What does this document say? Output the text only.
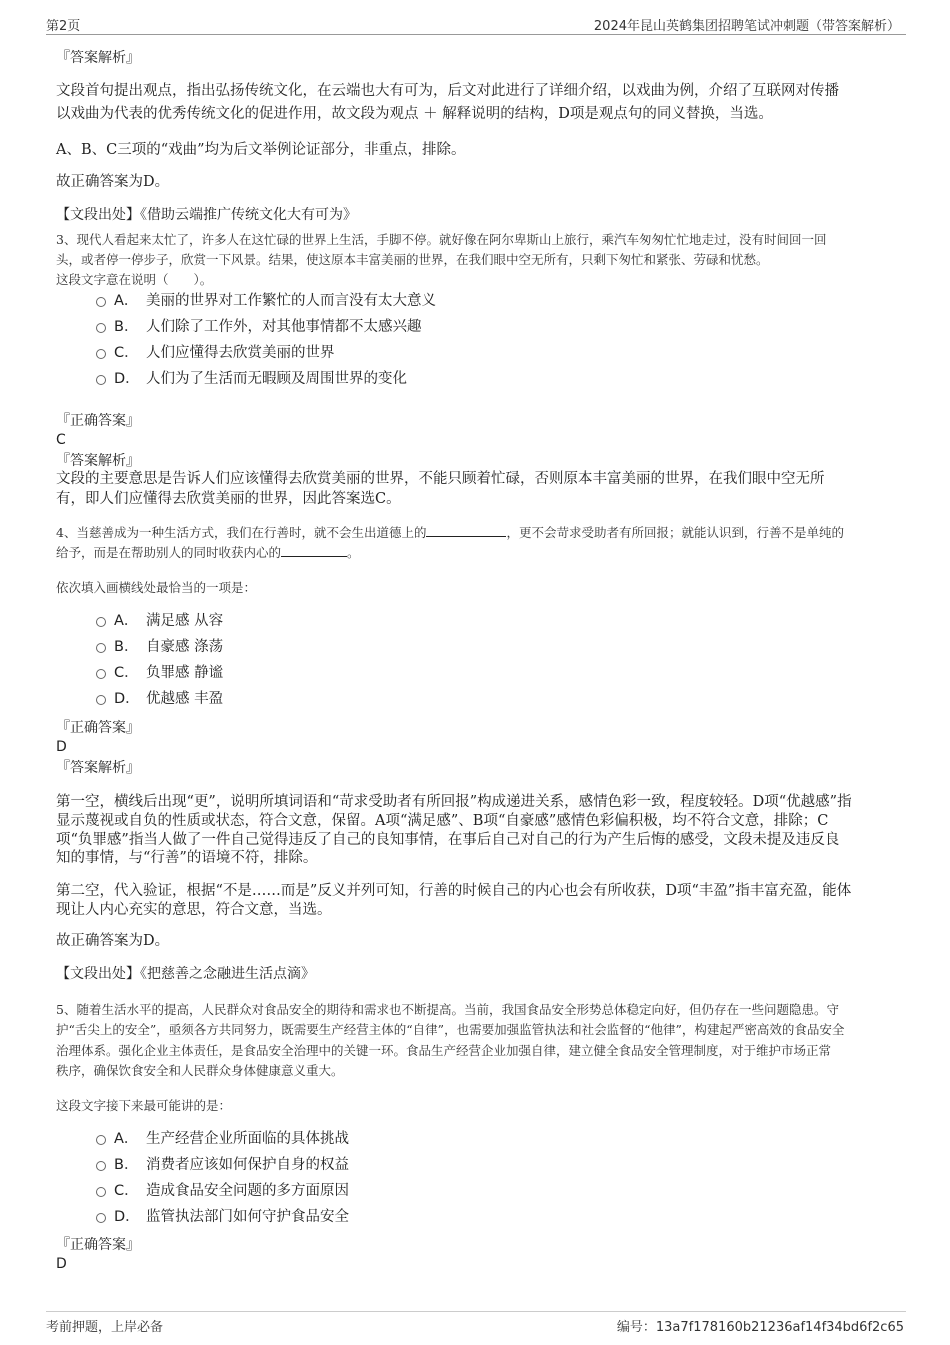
第2页	2024年昆山英鹤集团招聘笔试冲刺题（带答案解析）
『答案解析』
文段首句提出观点，指出弘扬传统文化，在云端也大有可为，后文对此进行了详细介绍，以戏曲为例，介绍了互联网对传播
以戏曲为代表的优秀传统文化的促进作用，故文段为观点 ＋ 解释说明的结构，D项是观点句的同义替换，当选。
A、B、C三项的“戏曲”均为后文举例论证部分，非重点，排除。
故正确答案为D。
【文段出处】《借助云端推广传统文化大有可为》
3、现代人看起来太忙了，许多人在这忙碌的世界上生活，手脚不停。就好像在阿尔卑斯山上旅行，乘汽车匆匆忙忙地走过，没有时间回一回
头，或者停一停步子，欣赏一下风景。结果，使这原本丰富美丽的世界，在我们眼中空无所有，只剩下匆忙和紧张、劳碌和忧愁。
这段文字意在说明（　　）。
A． 美丽的世界对工作繁忙的人而言没有太大意义
B． 人们除了工作外，对其他事情都不太感兴趣
C． 人们应懂得去欣赏美丽的世界
D． 人们为了生活而无暇顾及周围世界的变化
『正确答案』
C
『答案解析』
文段的主要意思是告诉人们应该懂得去欣赏美丽的世界，不能只顾着忙碌，否则原本丰富美丽的世界，在我们眼中空无所
有，即人们应懂得去欣赏美丽的世界，因此答案选C。
4、当慈善成为一种生活方式，我们在行善时，就不会生出道德上的	，更不会苛求受助者有所回报；就能认识到，行善不是单纯的
给予，而是在帮助别人的同时收获内心的	。
依次填入画横线处最恰当的一项是：
A． 满足感 从容
B． 自豪感 涤荡
C． 负罪感 静谧
D． 优越感 丰盈
『正确答案』
D
『答案解析』
第一空，横线后出现“更”，说明所填词语和“苛求受助者有所回报”构成递进关系，感情色彩一致，程度较轻。D项“优越感”指
显示蔑视或自负的性质或状态，符合文意，保留。A项“满足感”、B项“自豪感”感情色彩偏积极，均不符合文意，排除；C
项“负罪感”指当人做了一件自己觉得违反了自己的良知事情，在事后自己对自己的行为产生后悔的感受，文段未提及违反良
知的事情，与“行善”的语境不符，排除。
第二空，代入验证，根据“不是……而是”反义并列可知，行善的时候自己的内心也会有所收获，D项“丰盈”指丰富充盈，能体
现让人内心充实的意思，符合文意，当选。
故正确答案为D。
【文段出处】《把慈善之念融进生活点滴》
5、随着生活水平的提高，人民群众对食品安全的期待和需求也不断提高。当前，我国食品安全形势总体稳定向好，但仍存在一些问题隐患。守
护“舌尖上的安全”，亟须各方共同努力，既需要生产经营主体的“自律”，也需要加强监管执法和社会监督的“他律”，构建起严密高效的食品安全
治理体系。强化企业主体责任，是食品安全治理中的关键一环。食品生产经营企业加强自律，建立健全食品安全管理制度，对于维护市场正常
秩序，确保饮食安全和人民群众身体健康意义重大。
这段文字接下来最可能讲的是：
A． 生产经营企业所面临的具体挑战
B． 消费者应该如何保护自身的权益
C． 造成食品安全问题的多方面原因
D． 监管执法部门如何守护食品安全
『正确答案』
D
考前押题，上岸必备	编号：13a7f178160b21236af14f34bd6f2c65
